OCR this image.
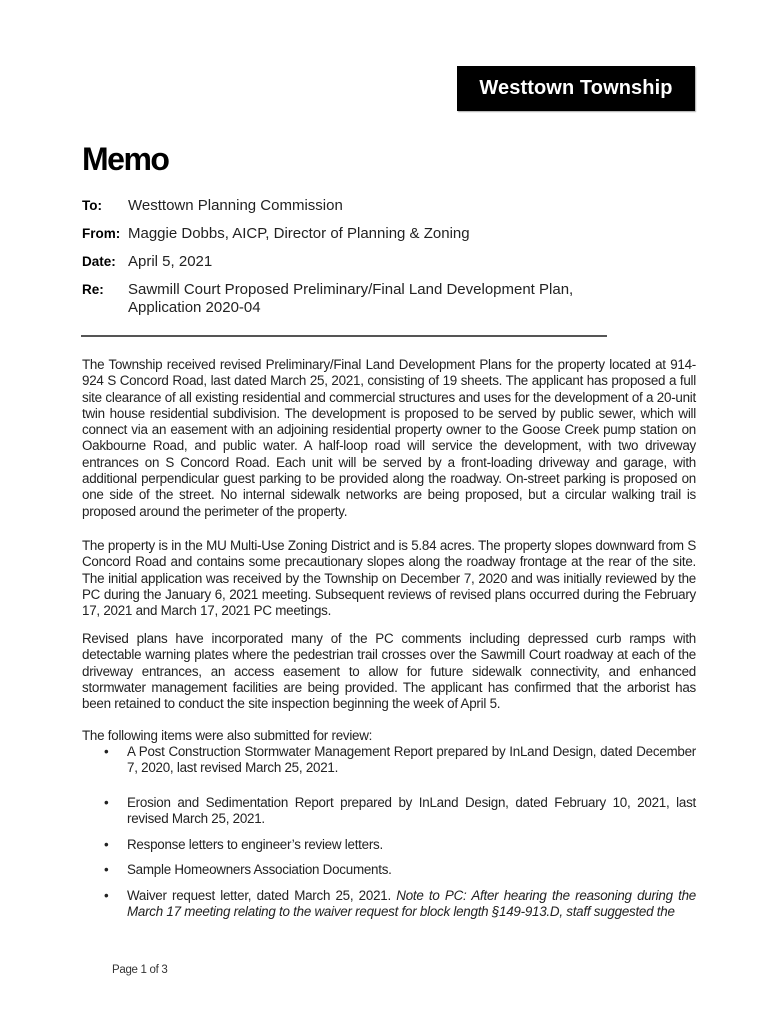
Westtown Township
Memo
To: Westtown Planning Commission
From: Maggie Dobbs, AICP, Director of Planning & Zoning
Date: April 5, 2021
Re: Sawmill Court Proposed Preliminary/Final Land Development Plan,
Application 2020-04

The Township received revised Preliminary/Final Land Development Plans for the property located at 914-924 S Concord Road, last dated March 25, 2021, consisting of 19 sheets. The applicant has proposed a full site clearance of all existing residential and commercial structures and uses for the development of a 20-unit twin house residential subdivision. The development is proposed to be served by public sewer, which will connect via an easement with an adjoining residential property owner to the Goose Creek pump station on Oakbourne Road, and public water. A half-loop road will service the development, with two driveway entrances on S Concord Road. Each unit will be served by a front-loading driveway and garage, with additional perpendicular guest parking to be provided along the roadway. On-street parking is proposed on one side of the street. No internal sidewalk networks are being proposed, but a circular walking trail is proposed around the perimeter of the property.

The property is in the MU Multi-Use Zoning District and is 5.84 acres. The property slopes downward from S Concord Road and contains some precautionary slopes along the roadway frontage at the rear of the site. The initial application was received by the Township on December 7, 2020 and was initially reviewed by the PC during the January 6, 2021 meeting. Subsequent reviews of revised plans occurred during the February 17, 2021 and March 17, 2021 PC meetings.

Revised plans have incorporated many of the PC comments including depressed curb ramps with detectable warning plates where the pedestrian trail crosses over the Sawmill Court roadway at each of the driveway entrances, an access easement to allow for future sidewalk connectivity, and enhanced stormwater management facilities are being provided. The applicant has confirmed that the arborist has been retained to conduct the site inspection beginning the week of April 5.

The following items were also submitted for review:

• A Post Construction Stormwater Management Report prepared by InLand Design, dated December 7, 2020, last revised March 25, 2021.
• Erosion and Sedimentation Report prepared by InLand Design, dated February 10, 2021, last revised March 25, 2021.
• Response letters to engineer’s review letters.
• Sample Homeowners Association Documents.
• Waiver request letter, dated March 25, 2021. Note to PC: After hearing the reasoning during the March 17 meeting relating to the waiver request for block length §149-913.D, staff suggested the
Page 1 of 3
